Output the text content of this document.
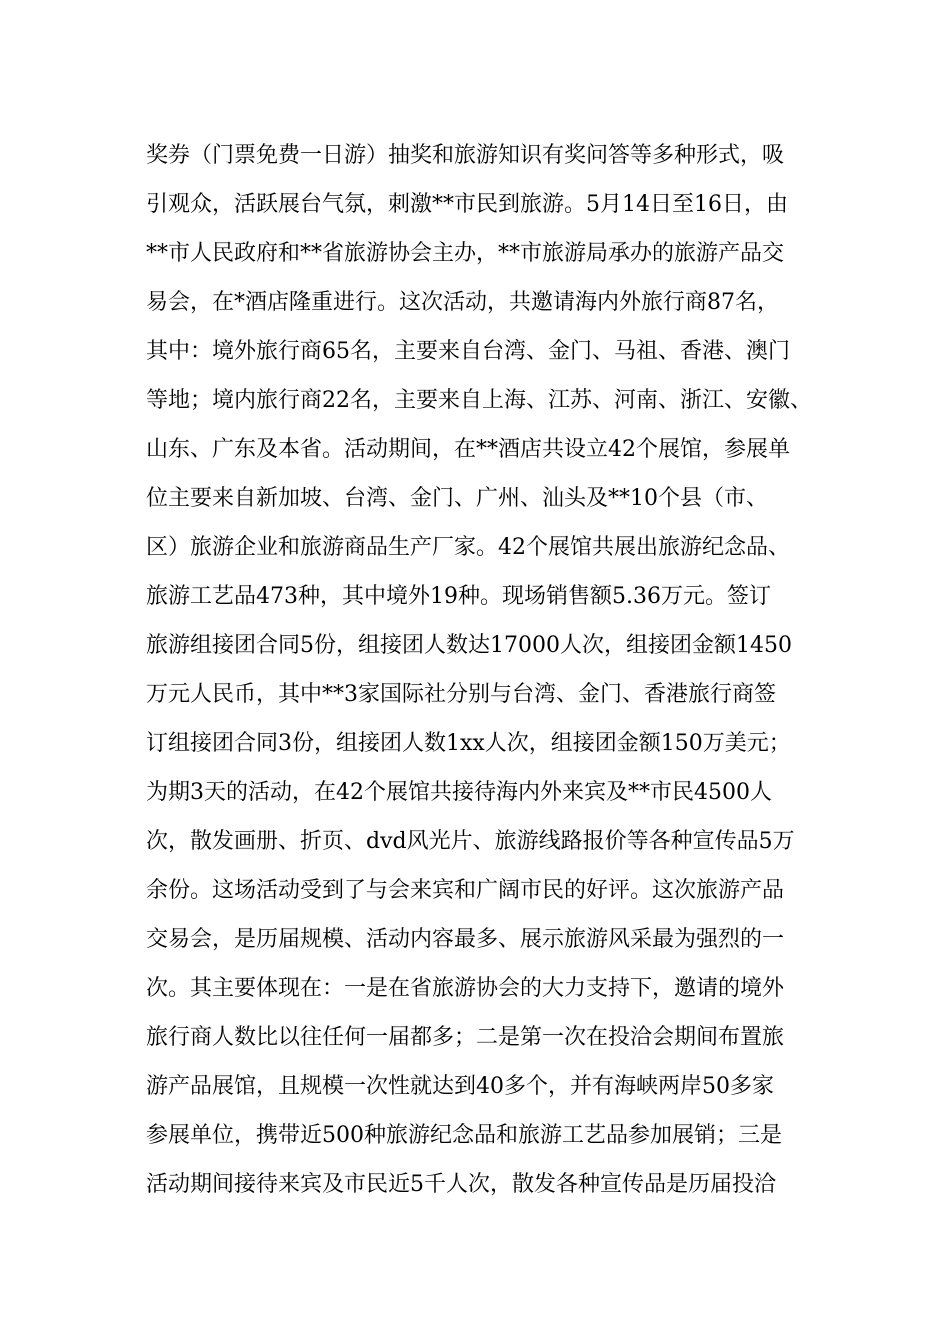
奖券（门票免费一日游）抽奖和旅游知识有奖问答等多种形式，吸
引观众，活跃展台气氛，刺激**市民到旅游。5月14日至16日，由
**市人民政府和**省旅游协会主办，**市旅游局承办的旅游产品交
易会，在*酒店隆重进行。这次活动，共邀请海内外旅行商87名，
其中：境外旅行商65名，主要来自台湾、金门、马祖、香港、澳门
等地；境内旅行商22名，主要来自上海、江苏、河南、浙江、安徽、
山东、广东及本省。活动期间，在**酒店共设立42个展馆，参展单
位主要来自新加坡、台湾、金门、广州、汕头及**10个县（市、
区）旅游企业和旅游商品生产厂家。42个展馆共展出旅游纪念品、
旅游工艺品473种，其中境外19种。现场销售额5.36万元。签订
旅游组接团合同5份，组接团人数达17000人次，组接团金额1450
万元人民币，其中**3家国际社分别与台湾、金门、香港旅行商签
订组接团合同3份，组接团人数1xx人次，组接团金额150万美元；
为期3天的活动，在42个展馆共接待海内外来宾及**市民4500人
次，散发画册、折页、dvd风光片、旅游线路报价等各种宣传品5万
余份。这场活动受到了与会来宾和广阔市民的好评。这次旅游产品
交易会，是历届规模、活动内容最多、展示旅游风采最为强烈的一
次。其主要体现在：一是在省旅游协会的大力支持下，邀请的境外
旅行商人数比以往任何一届都多；二是第一次在投洽会期间布置旅
游产品展馆，且规模一次性就达到40多个，并有海峡两岸50多家
参展单位，携带近500种旅游纪念品和旅游工艺品参加展销；三是
活动期间接待来宾及市民近5千人次，散发各种宣传品是历届投洽
